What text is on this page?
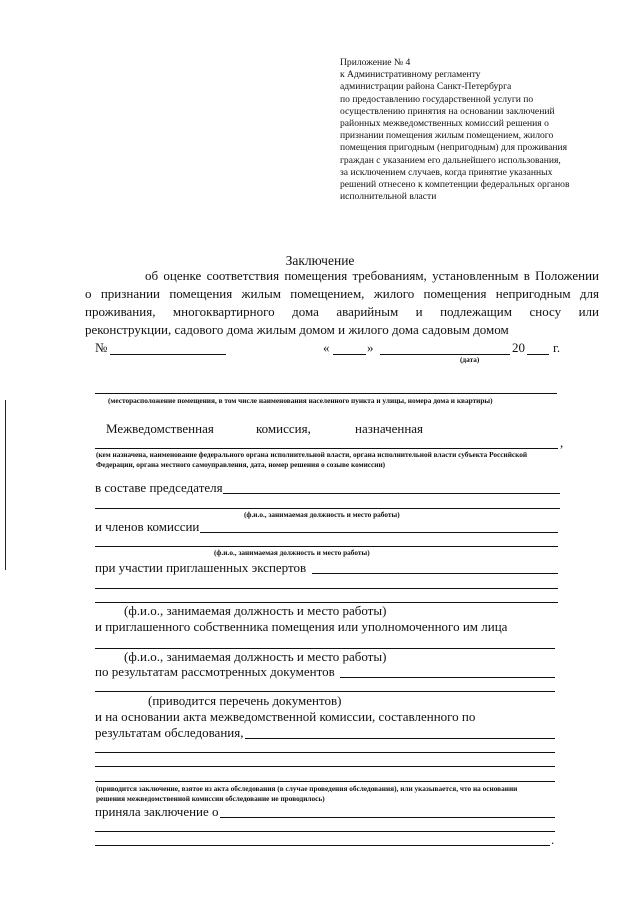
Приложение № 4
к Административному регламенту
администрации района Санкт-Петербурга
по предоставлению государственной услуги по
осуществлению принятия на основании заключений
районных межведомственных комиссий решения о
признании помещения жилым помещением, жилого
помещения пригодным (непригодным) для проживания
граждан с указанием его дальнейшего использования,
за исключением случаев, когда принятие указанных
решений отнесено к компетенции федеральных органов
исполнительной власти
Заключение
об оценке соответствия помещения требованиям, установленным в Положении
о признании помещения жилым помещением, жилого помещения непригодным для
проживания, многоквартирного дома аварийным и подлежащим сносу или
реконструкции, садового дома жилым домом и жилого дома садовым домом
№	«	»	20 г.
(дата)
(месторасположение помещения, в том числе наименования населенного пункта и улицы, номера дома и квартиры)
Межведомственная	комиссия,	назначенная
,
(кем назначена, наименование федерального органа исполнительной власти, органа исполнительной власти субъекта Российской
Федерации, органа местного самоуправления, дата, номер решения о созыве комиссии)
в составе председателя
(ф.и.о., занимаемая должность и место работы)
и членов комиссии
(ф.и.о., занимаемая должность и место работы)
при участии приглашенных экспертов
(ф.и.о., занимаемая должность и место работы)
и приглашенного собственника помещения или уполномоченного им лица
(ф.и.о., занимаемая должность и место работы)
по результатам рассмотренных документов
(приводится перечень документов)
и на основании акта межведомственной комиссии, составленного по
результатам обследования,
(приводится заключение, взятое из акта обследования (в случае проведения обследования), или указывается, что на основании
решения межведомственной комиссии обследование не проводилось)
приняла заключение о
.
